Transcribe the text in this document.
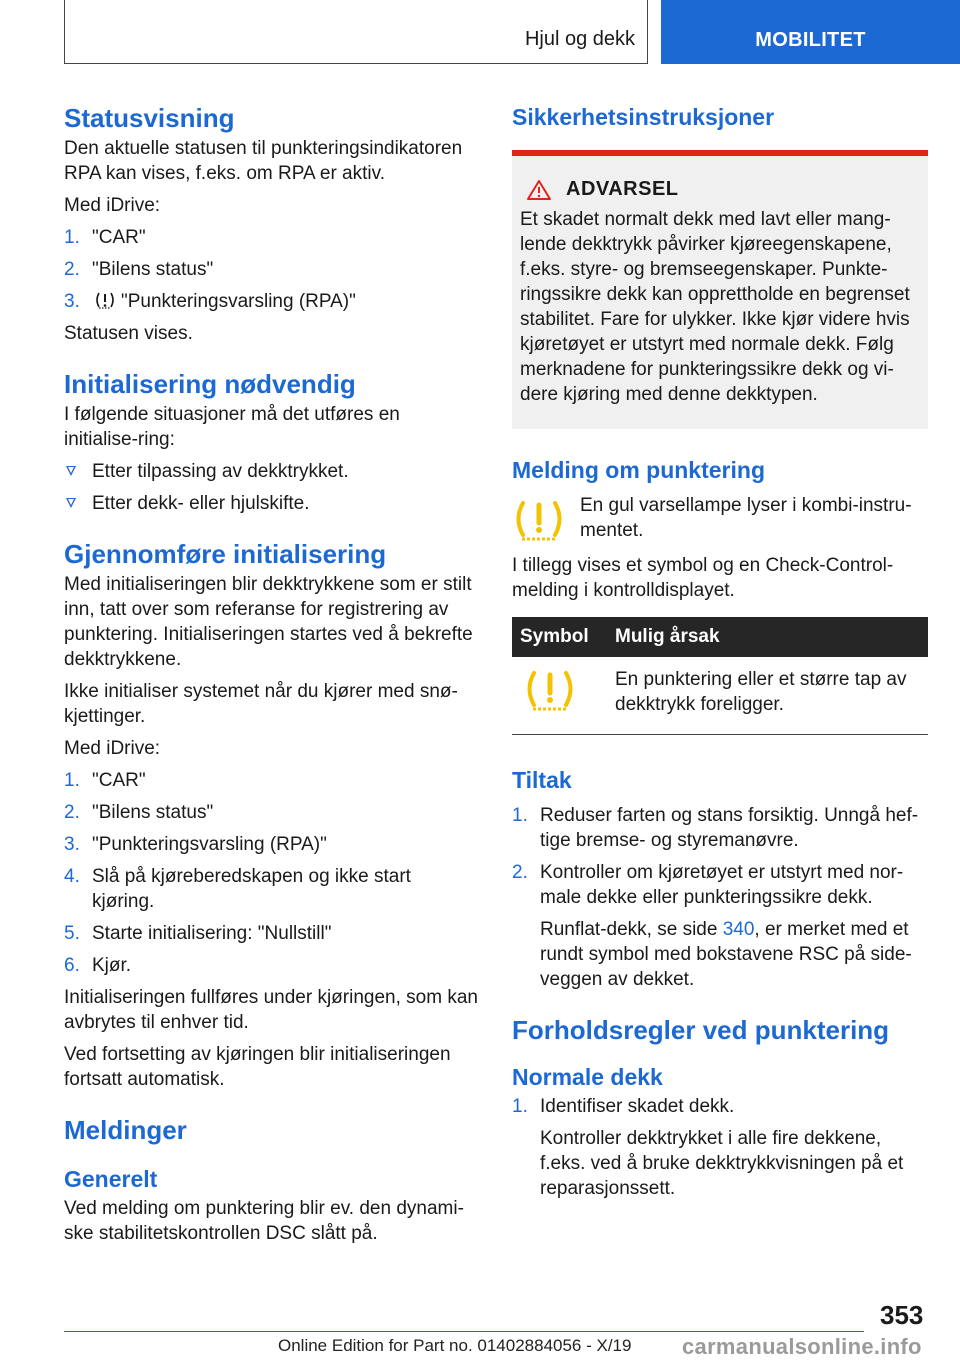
Hjul og dekk	MOBILITET
Statusvisning

Den aktuelle statusen til punkteringsindikatoren RPA kan vises, f.eks. om RPA er aktiv.

Med iDrive:

1. "CAR"
2. "Bilens status"
3. "Punkteringsvarsling (RPA)"

Statusen vises.

Initialisering nødvendig

I følgende situasjoner må det utføres en initialise-ring:

Etter tilpassing av dekktrykket.
Etter dekk- eller hjulskifte.
Gjennomføre initialisering

Med initialiseringen blir dekktrykkene som er stilt inn, tatt over som referanse for registrering av punktering. Initialiseringen startes ved å bekrefte dekktrykkene.

Ikke initialiser systemet når du kjører med snø-kjettinger.

Med iDrive:

1. "CAR"
2. "Bilens status"
3. "Punkteringsvarsling (RPA)"
4. Slå på kjøreberedskapen og ikke start kjøring.
5. Starte initialisering: "Nullstill"
6. Kjør.

Initialiseringen fullføres under kjøringen, som kan avbrytes til enhver tid.

Ved fortsetting av kjøringen blir initialiseringen fortsatt automatisk.

Meldinger
Generelt

Ved melding om punktering blir ev. den dynami-ske stabilitetskontrollen DSC slått på.

Sikkerhetsinstruksjoner
ADVARSEL

Et skadet normalt dekk med lavt eller mang-lende dekktrykk påvirker kjøreegenskapene, f.eks. styre- og bremseegenskaper. Punkte-ringssikre dekk kan opprettholde en begrenset stabilitet. Fare for ulykker. Ikke kjør videre hvis kjøretøyet er utstyrt med normale dekk. Følg merknadene for punkteringssikre dekk og vi-dere kjøring med denne dekktypen.

Melding om punktering

En gul varsellampe lyser i kombi-instru-mentet.

I tillegg vises et symbol og en Check-Control-melding i kontrolldisplayet.

Symbol	Mulig årsak
	En punktering eller et større tap av dekktrykk foreligger.
Tiltak
1. Reduser farten og stans forsiktig. Unngå hef-tige bremse- og styremanøvre.
2. Kontroller om kjøretøyet er utstyrt med nor-male dekke eller punkteringssikre dekk.

Runflat-dekk, se side 340, er merket med et rundt symbol med bokstavene RSC på side-veggen av dekket.

Forholdsregler ved punktering
Normale dekk
1. Identifiser skadet dekk.

Kontroller dekktrykket i alle fire dekkene, f.eks. ved å bruke dekktrykkvisningen på et reparasjonssett.

353
Online Edition for Part no. 01402884056 - X/19 carmanualsonline.info
